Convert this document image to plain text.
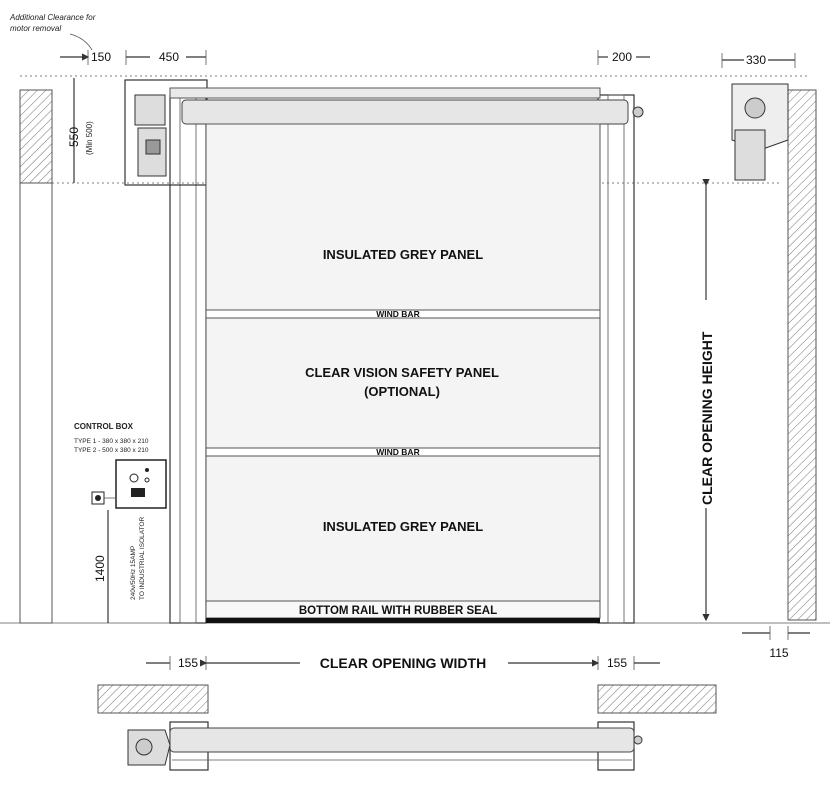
INSULATED GREY PANEL
WIND BAR
CLEAR VISION SAFETY PANEL
(OPTIONAL)
WIND BAR
INSULATED GREY PANEL
BOTTOM RAIL WITH RUBBER SEAL
Additional Clearance for
motor removal
150	450	200	330
550 (Min 500)
CONTROL BOX
TYPE 1 - 380 x 380 x 210
TYPE 2 - 500 x 380 x 210
240v/50Hz 15AMP TO INDUSTRIAL ISOLATOR
1400
CLEAR OPENING HEIGHT
115
155	CLEAR OPENING WIDTH	155
